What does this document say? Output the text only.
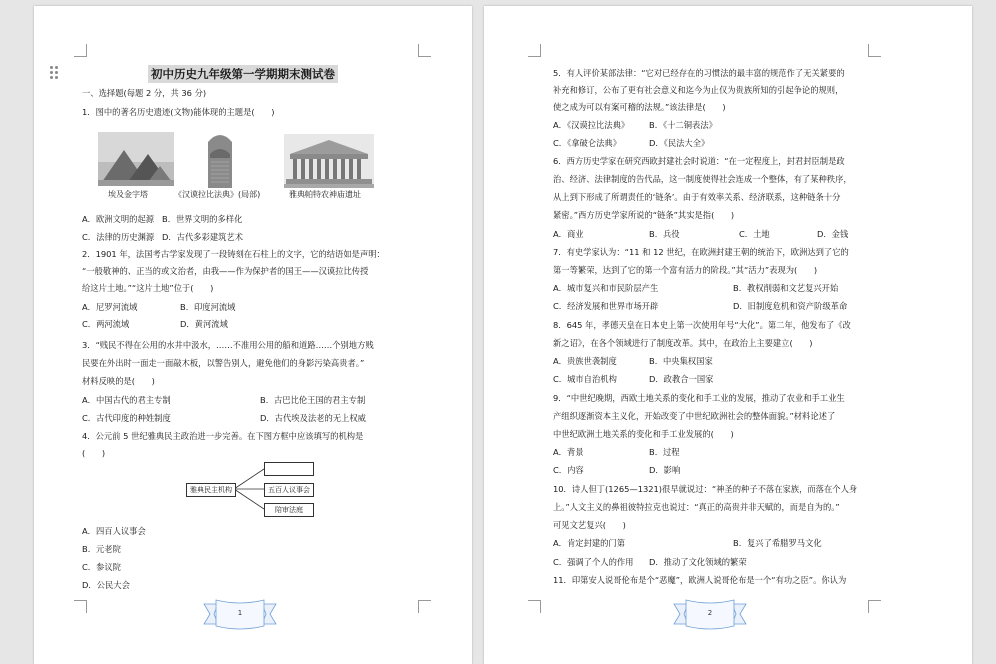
初中历史九年级第一学期期末测试卷
一、选择题(每题 2 分，共 36 分)
1．图中的著名历史遗迹(文物)能体现的主题是(　　)
埃及金字塔	《汉谟拉比法典》(局部)	雅典帕特农神庙遗址
A．欧洲文明的起源 B．世界文明的多样化
C．法律的历史渊源 D．古代多彩建筑艺术
2．1901 年，法国考古学家发现了一段铸刻在石柱上的文字，它的结语如是声明：
“一般敬神的、正当的或文治者，由我——作为保护者的国王——汉谟拉比传授
给这片土地。”“这片土地”位于(　　)
A．尼罗河流域	B．印度河流域
C．两河流域	D．黄河流域
3．“贱民不得在公用的水井中汲水，……不准用公用的船和道路……个别地方贱
民要在外出时一面走一面敲木板，以警告别人，避免他们的身影污染高贵者。”
材料反映的是(　　)
A．中国古代的君主专制	B．古巴比伦王国的君主专制
C．古代印度的种姓制度	D．古代埃及法老的无上权威
4．公元前 5 世纪雅典民主政治进一步完善。在下图方框中应该填写的机构是
(　　)
雅典民主机构	五百人议事会
陪审法庭
A．四百人议事会
B．元老院
C．参议院
D．公民大会
1
5．有人评价某部法律：“它对已经存在的习惯法的最丰富的规范作了无关紧要的
补充和修订，公布了更有社会意义和迄今为止仅为贵族所知的引起争论的规则，
使之成为可以有案可稽的法规。”该法律是(　　)
A．《汉谟拉比法典》 B．《十二铜表法》
C．《拿破仑法典》	D．《民法大全》
6．西方历史学家在研究西欧封建社会时说道：“在一定程度上，封君封臣制是政
治、经济、法律制度的告代品，这一制度使得社会连成一个整体，有了某种秩序，
从上到下形成了所谓责任的‘链条’。由于有效率关系、经济联系，这种链条十分
紧密。”西方历史学家所说的“链条”其实是指(　　)
A．商业	B．兵役	C．土地	D．金钱
7．有史学家认为：“11 和 12 世纪，在欧洲封建王朝的统治下，欧洲达到了它的
第一等繁荣，达到了它的第一个富有活力的阶段。”其“活力”表现为(　　)
A．城市复兴和市民阶层产生	B．教权削弱和文艺复兴开始
C．经济发展和世界市场开辟	D．旧制度危机和资产阶级革命
8．645 年，孝德天皇在日本史上第一次使用年号“大化”。第二年，他发布了《改
新之诏》，在各个领域进行了制度改革。其中，在政治上主要建立(　　)
A．贵族世袭制度	B．中央集权国家
C．城市自治机构	D．政教合一国家
9．“中世纪晚期，西欧土地关系的变化和手工业的发展，推动了农业和手工业生
产组织逐渐资本主义化，开始改变了中世纪欧洲社会的整体面貌。”材料论述了
中世纪欧洲土地关系的变化和手工业发展的(　　)
A．背景	B．过程
C．内容	D．影响
10．诗人但丁(1265—1321)很早就说过：“神圣的种子不落在家族，而落在个人身
上。”人文主义的鼻祖彼特拉克也说过：“真正的高贵并非天赋的，而是自为的。”
可见文艺复兴(　　)
A．肯定封建的门第	B．复兴了希腊罗马文化
C．强调了个人的作用 D．推动了文化领域的繁荣
11．印第安人说哥伦布是个“恶魔”，欧洲人说哥伦布是一个“有功之臣”。你认为
2
